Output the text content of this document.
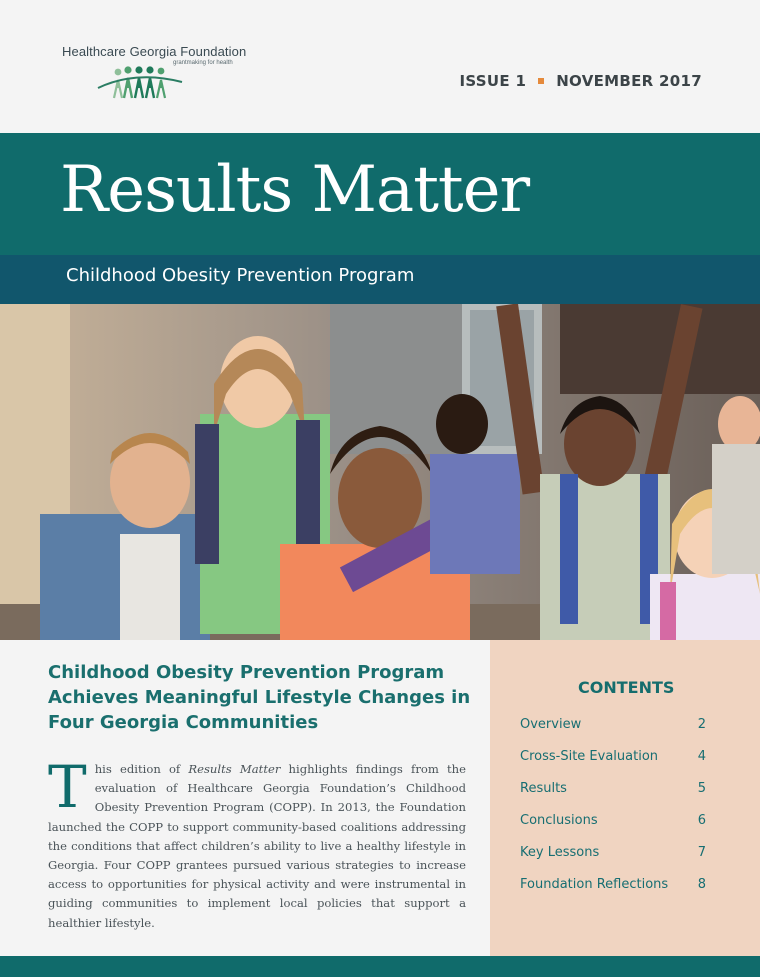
Healthcare Georgia Foundation
grantmaking for health
ISSUE 1 NOVEMBER 2017
Results Matter
Childhood Obesity Prevention Program
Childhood Obesity Prevention Program Achieves Meaningful Lifestyle Changes in Four Georgia Communities
This edition of Results Matter highlights findings from the evaluation of Healthcare Georgia Foundation’s Childhood Obesity Prevention Program (COPP). In 2013, the Foundation launched the COPP to support community-based coalitions addressing the conditions that affect children’s ability to live a healthy lifestyle in Georgia. Four COPP grantees pursued various strategies to increase access to opportunities for physical activity and were instrumental in guiding communities to implement local policies that support a healthier lifestyle.
CONTENTS
Overview	2
Cross-Site Evaluation	4
Results	5
Conclusions	6
Key Lessons	7
Foundation Reflections 8
